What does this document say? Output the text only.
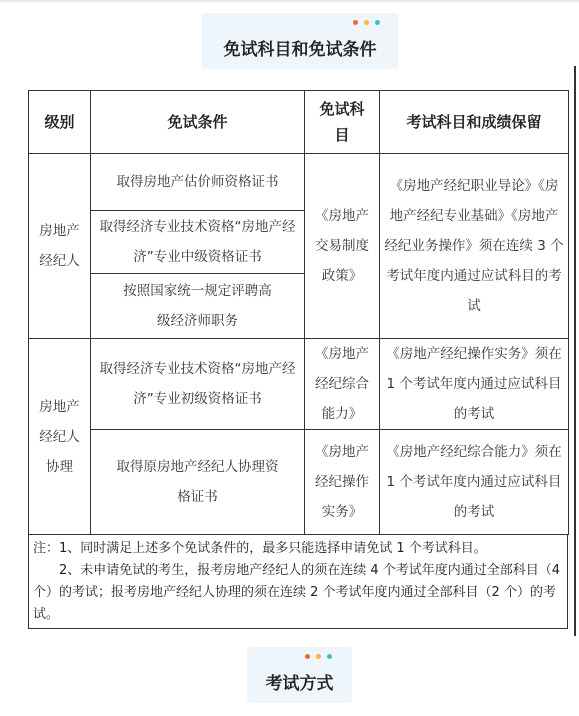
免试科目和免试条件
级别	免试条件	免试科目	考试科目和成绩保留
房地产经纪人	取得房地产估价师资格证书	《房地产交易制度政策》	《房地产经纪职业导论》《房地产经纪专业基础》《房地产经纪业务操作》须在连续 3 个考试年度内通过应试科目的考试
	取得经济专业技术资格“房地产经济”专业中级资格证书		
	按照国家统一规定评聘高级经济师职务		
房地产经纪人协理	取得经济专业技术资格“房地产经济”专业初级资格证书	《房地产经纪综合能力》	《房地产经纪操作实务》须在 1 个考试年度内通过应试科目的考试
	取得原房地产经纪人协理资格证书	《房地产经纪操作实务》	《房地产经纪综合能力》须在 1 个考试年度内通过应试科目的考试

注：1、同时满足上述多个免试条件的，最多只能选择申请免试 1 个考试科目。

2、未申请免试的考生，报考房地产经纪人的须在连续 4 个考试年度内通过全部科目（4 个）的考试；报考房地产经纪人协理的须在连续 2 个考试年度内通过全部科目（2 个）的考试。

考试方式
